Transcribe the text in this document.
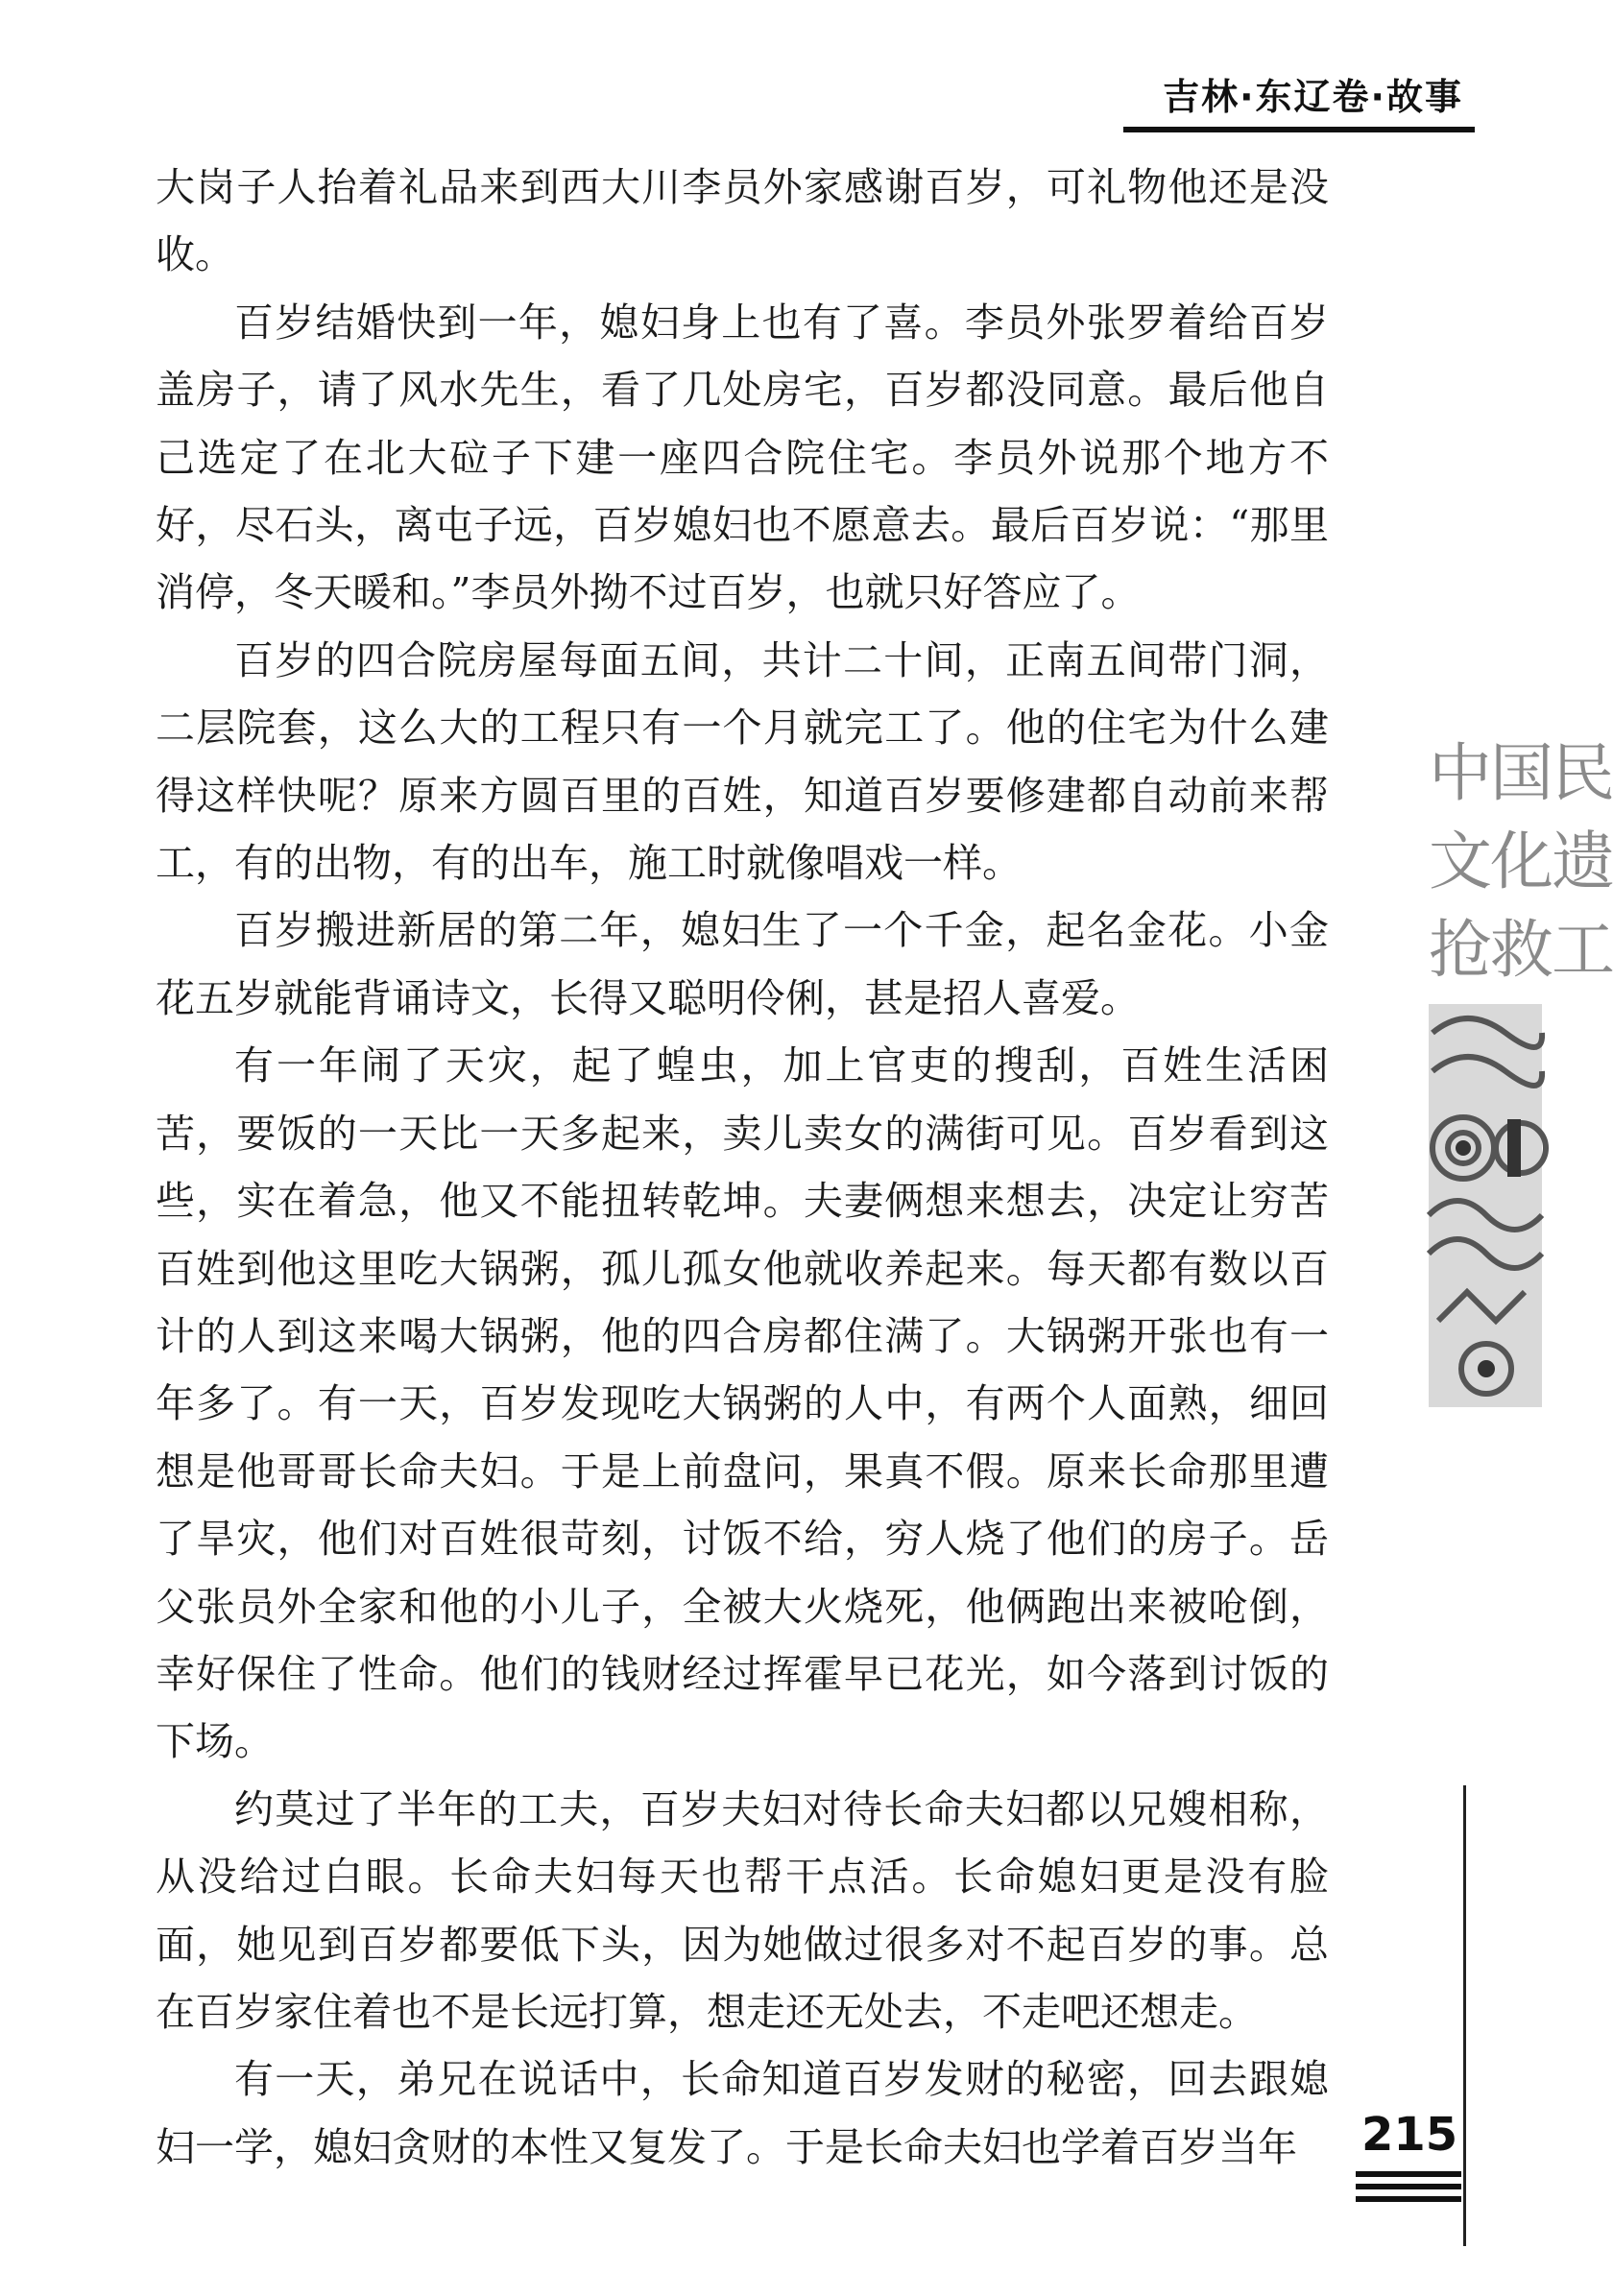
吉林·东辽卷·故事

大岗子人抬着礼品来到西大川李员外家感谢百岁，可礼物他还是没收。

百岁结婚快到一年，媳妇身上也有了喜。李员外张罗着给百岁盖房子，请了风水先生，看了几处房宅，百岁都没同意。最后他自己选定了在北大砬子下建一座四合院住宅。李员外说那个地方不好，尽石头，离屯子远，百岁媳妇也不愿意去。最后百岁说：“那里消停，冬天暖和。”李员外拗不过百岁，也就只好答应了。

百岁的四合院房屋每面五间，共计二十间，正南五间带门洞，二层院套，这么大的工程只有一个月就完工了。他的住宅为什么建得这样快呢？原来方圆百里的百姓，知道百岁要修建都自动前来帮工，有的出物，有的出车，施工时就像唱戏一样。

百岁搬进新居的第二年，媳妇生了一个千金，起名金花。小金花五岁就能背诵诗文，长得又聪明伶俐，甚是招人喜爱。

有一年闹了天灾，起了蝗虫，加上官吏的搜刮，百姓生活困苦，要饭的一天比一天多起来，卖儿卖女的满街可见。百岁看到这些，实在着急，他又不能扭转乾坤。夫妻俩想来想去，决定让穷苦百姓到他这里吃大锅粥，孤儿孤女他就收养起来。每天都有数以百计的人到这来喝大锅粥，他的四合房都住满了。大锅粥开张也有一年多了。有一天，百岁发现吃大锅粥的人中，有两个人面熟，细回想是他哥哥长命夫妇。于是上前盘问，果真不假。原来长命那里遭了旱灾，他们对百姓很苛刻，讨饭不给，穷人烧了他们的房子。岳父张员外全家和他的小儿子，全被大火烧死，他俩跑出来被呛倒，幸好保住了性命。他们的钱财经过挥霍早已花光，如今落到讨饭的下场。

约莫过了半年的工夫，百岁夫妇对待长命夫妇都以兄嫂相称，从没给过白眼。长命夫妇每天也帮干点活。长命媳妇更是没有脸面，她见到百岁都要低下头，因为她做过很多对不起百岁的事。总在百岁家住着也不是长远打算，想走还无处去，不走吧还想走。

有一天，弟兄在说话中，长命知道百岁发财的秘密，回去跟媳妇一学，媳妇贪财的本性又复发了。于是长命夫妇也学着百岁当年

中国民
文化遗
抢救工
215
